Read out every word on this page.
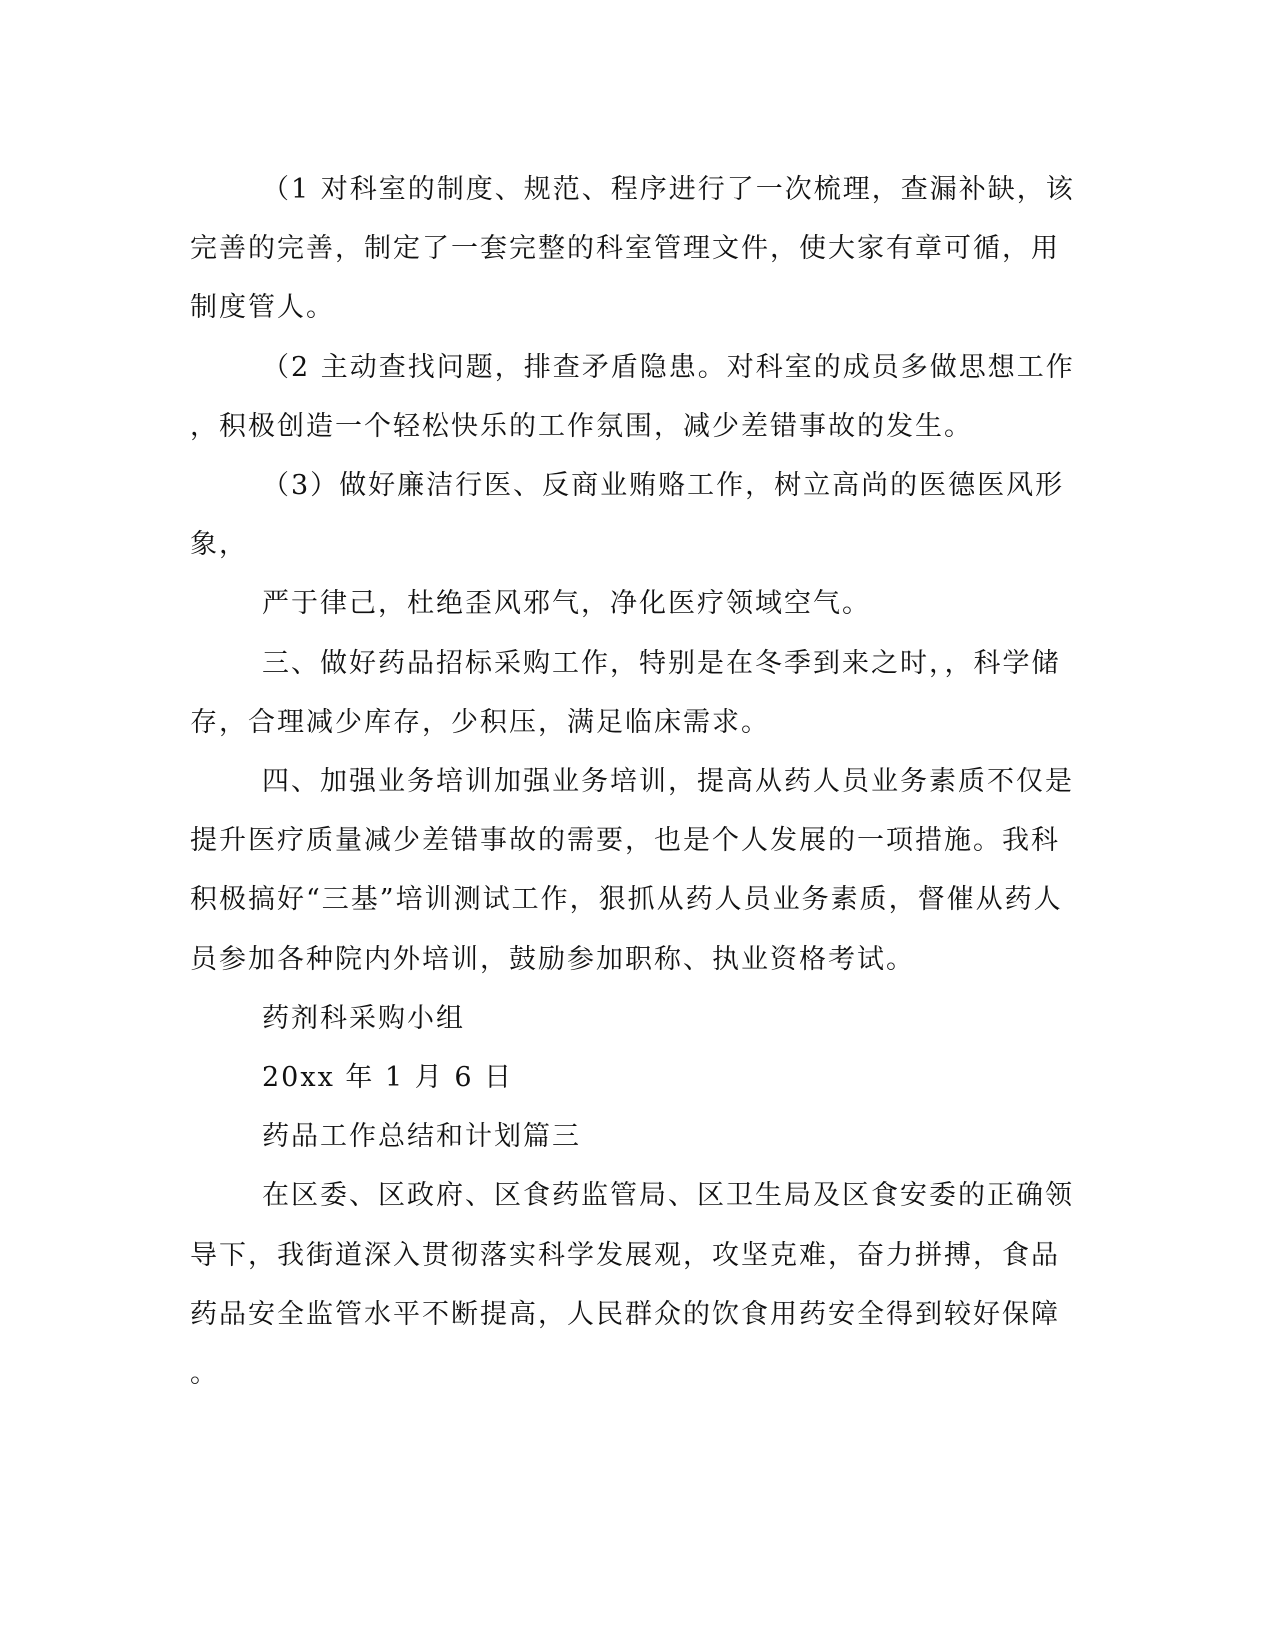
（1 对科室的制度、规范、程序进行了一次梳理，查漏补缺，该
完善的完善，制定了一套完整的科室管理文件，使大家有章可循，用
制度管人。
（2 主动查找问题，排查矛盾隐患。对科室的成员多做思想工作
，积极创造一个轻松快乐的工作氛围，减少差错事故的发生。
（3）做好廉洁行医、反商业贿赂工作，树立高尚的医德医风形
象，
严于律己，杜绝歪风邪气，净化医疗领域空气。
三、做好药品招标采购工作，特别是在冬季到来之时，，科学储
存，合理减少库存，少积压，满足临床需求。
四、加强业务培训加强业务培训，提高从药人员业务素质不仅是
提升医疗质量减少差错事故的需要，也是个人发展的一项措施。我科
积极搞好“三基”培训测试工作，狠抓从药人员业务素质，督催从药人
员参加各种院内外培训，鼓励参加职称、执业资格考试。
药剂科采购小组
20xx 年 1 月 6 日
药品工作总结和计划篇三
在区委、区政府、区食药监管局、区卫生局及区食安委的正确领
导下，我街道深入贯彻落实科学发展观，攻坚克难，奋力拼搏，食品
药品安全监管水平不断提高，人民群众的饮食用药安全得到较好保障
。
